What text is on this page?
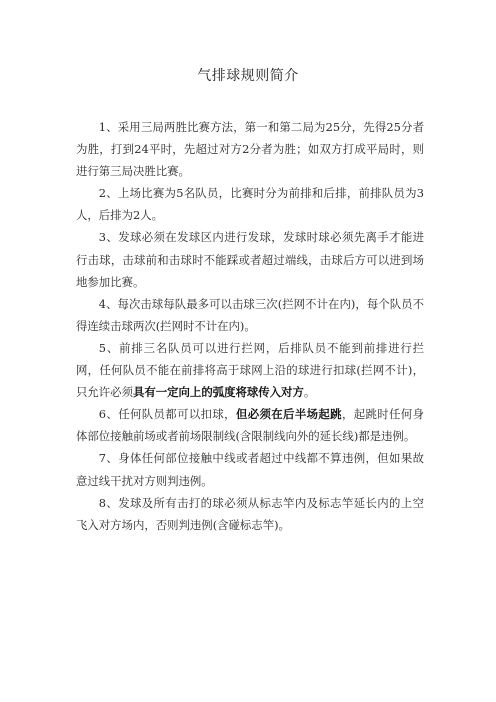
气排球规则简介

1、采用三局两胜比赛方法，第一和第二局为25分，先得25分者为胜，打到24平时，先超过对方2分者为胜；如双方打成平局时，则进行第三局决胜比赛。

2、上场比赛为5名队员，比赛时分为前排和后排，前排队员为3人，后排为2人。

3、发球必须在发球区内进行发球，发球时球必须先离手才能进行击球，击球前和击球时不能踩或者超过端线，击球后方可以进到场地参加比赛。

4、每次击球每队最多可以击球三次(拦网不计在内)，每个队员不得连续击球两次(拦网时不计在内)。

5、前排三名队员可以进行拦网，后排队员不能到前排进行拦网，任何队员不能在前排将高于球网上沿的球进行扣球(拦网不计)，只允许必须具有一定向上的弧度将球传入对方。

6、任何队员都可以扣球，但必须在后半场起跳，起跳时任何身体部位接触前场或者前场限制线(含限制线向外的延长线)都是违例。

7、身体任何部位接触中线或者超过中线都不算违例，但如果故意过线干扰对方则判违例。

8、发球及所有击打的球必须从标志竿内及标志竿延长内的上空飞入对方场内，否则判违例(含碰标志竿)。
